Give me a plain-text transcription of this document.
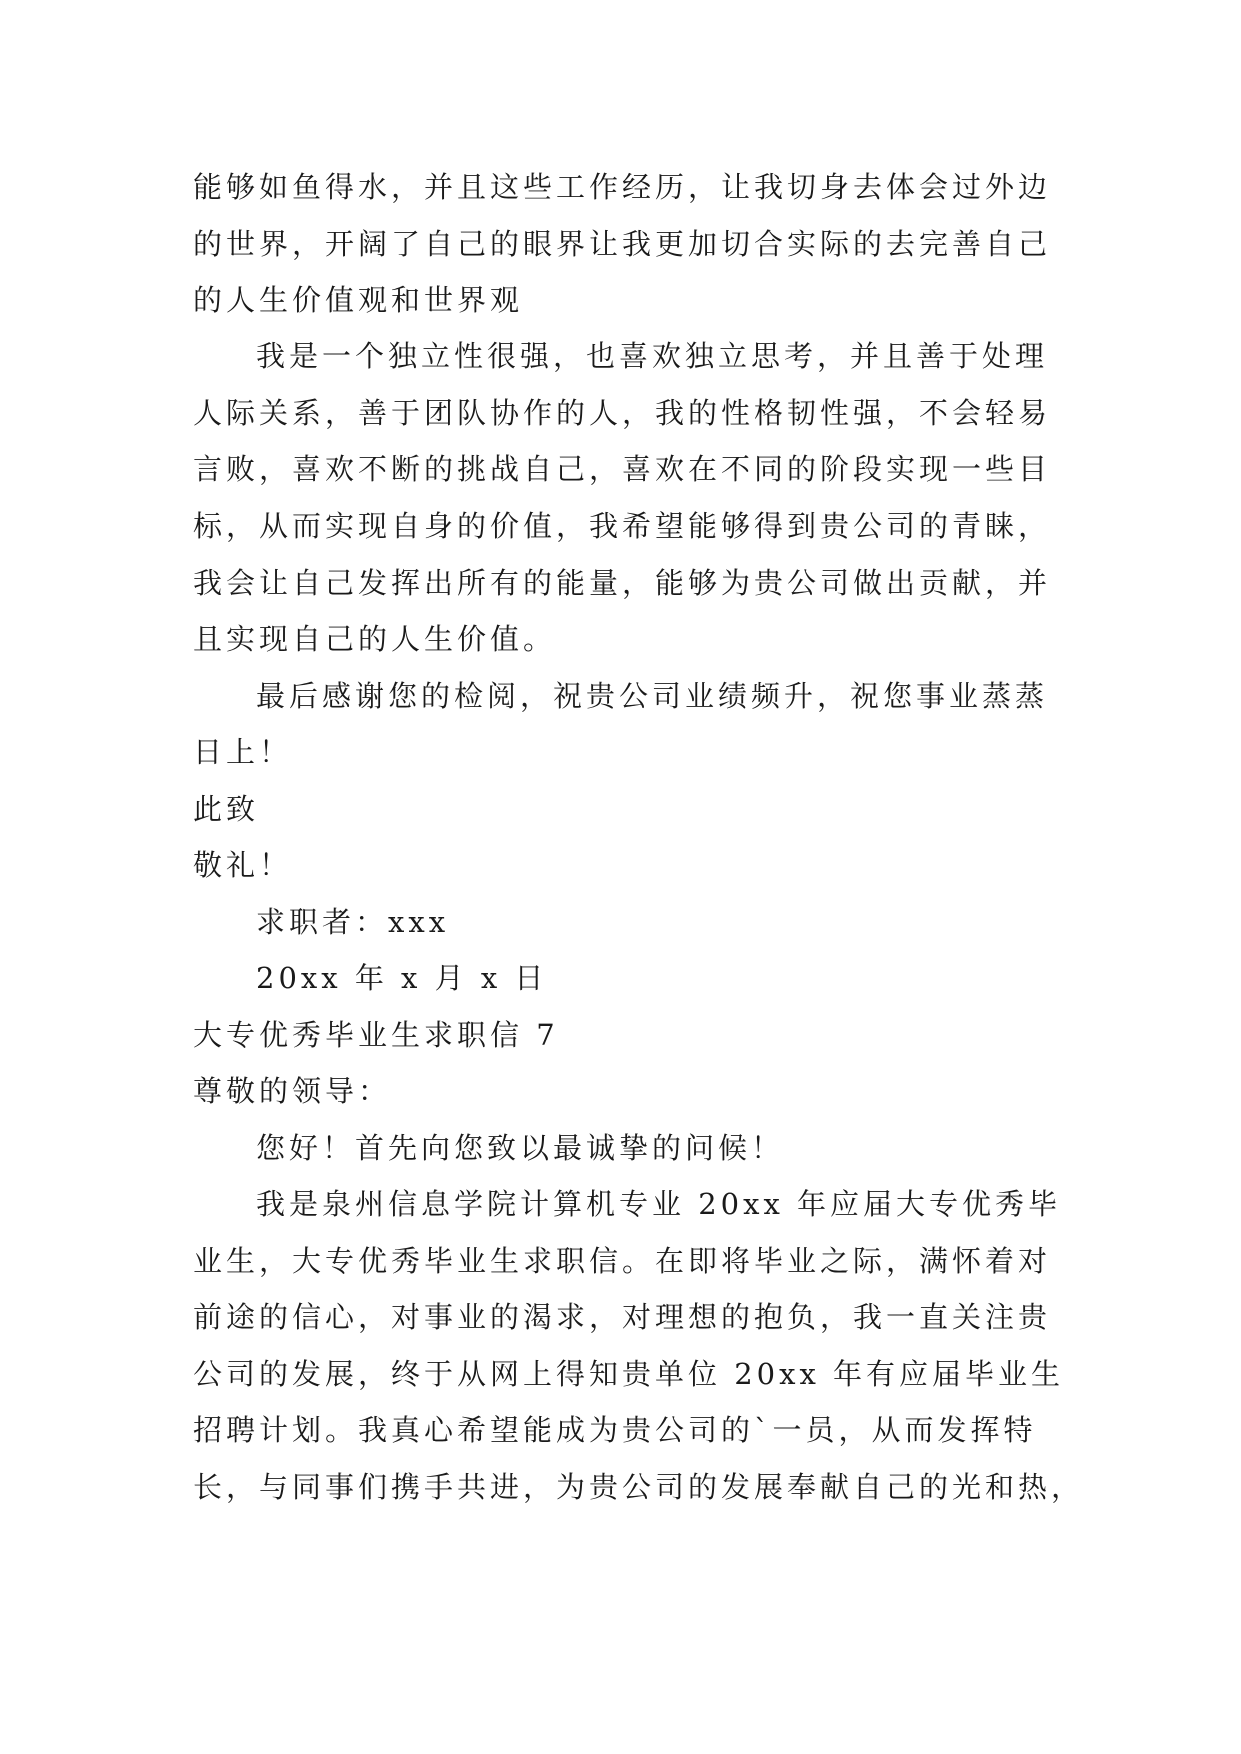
能够如鱼得水，并且这些工作经历，让我切身去体会过外边
的世界，开阔了自己的眼界让我更加切合实际的去完善自己
的人生价值观和世界观
我是一个独立性很强，也喜欢独立思考，并且善于处理
人际关系，善于团队协作的人，我的性格韧性强，不会轻易
言败，喜欢不断的挑战自己，喜欢在不同的阶段实现一些目
标，从而实现自身的价值，我希望能够得到贵公司的青睐，
我会让自己发挥出所有的能量，能够为贵公司做出贡献，并
且实现自己的人生价值。
最后感谢您的检阅，祝贵公司业绩频升，祝您事业蒸蒸
日上！
此致
敬礼！
求职者：xxx
20xx 年 x 月 x 日
大专优秀毕业生求职信 7
尊敬的领导：
您好！首先向您致以最诚挚的问候！
我是泉州信息学院计算机专业 20xx 年应届大专优秀毕
业生，大专优秀毕业生求职信。在即将毕业之际，满怀着对
前途的信心，对事业的渴求，对理想的抱负，我一直关注贵
公司的发展，终于从网上得知贵单位 20xx 年有应届毕业生
招聘计划。我真心希望能成为贵公司的`一员，从而发挥特
长，与同事们携手共进，为贵公司的发展奉献自己的光和热，
